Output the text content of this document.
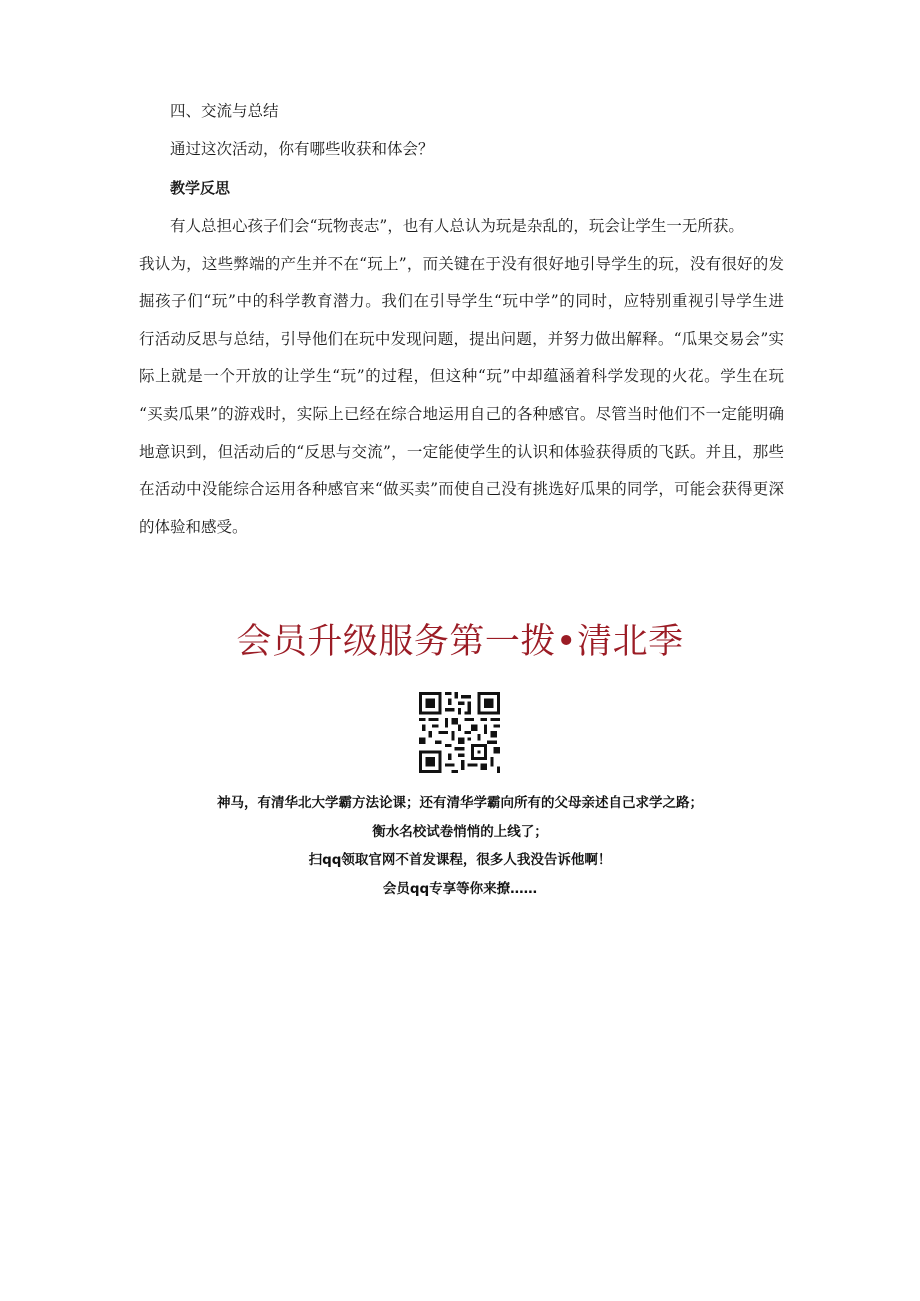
四、交流与总结
通过这次活动，你有哪些收获和体会？
教学反思
有人总担心孩子们会“玩物丧志”，也有人总认为玩是杂乱的，玩会让学生一无所获。
我认为，这些弊端的产生并不在“玩上”，而关键在于没有很好地引导学生的玩，没有很好的发
掘孩子们“玩”中的科学教育潜力。我们在引导学生“玩中学”的同时，应特别重视引导学生进
行活动反思与总结，引导他们在玩中发现问题，提出问题，并努力做出解释。“瓜果交易会”实
际上就是一个开放的让学生“玩”的过程，但这种“玩”中却蕴涵着科学发现的火花。学生在玩
“买卖瓜果”的游戏时，实际上已经在综合地运用自己的各种感官。尽管当时他们不一定能明确
地意识到，但活动后的“反思与交流”，一定能使学生的认识和体验获得质的飞跃。并且，那些
在活动中没能综合运用各种感官来“做买卖”而使自己没有挑选好瓜果的同学，可能会获得更深
的体验和感受。
会员升级服务第一拨•清北季
神马，有清华北大学霸方法论课；还有清华学霸向所有的父母亲述自己求学之路；
衡水名校试卷悄悄的上线了；
扫qq领取官网不首发课程，很多人我没告诉他啊！
会员qq专享等你来撩……
